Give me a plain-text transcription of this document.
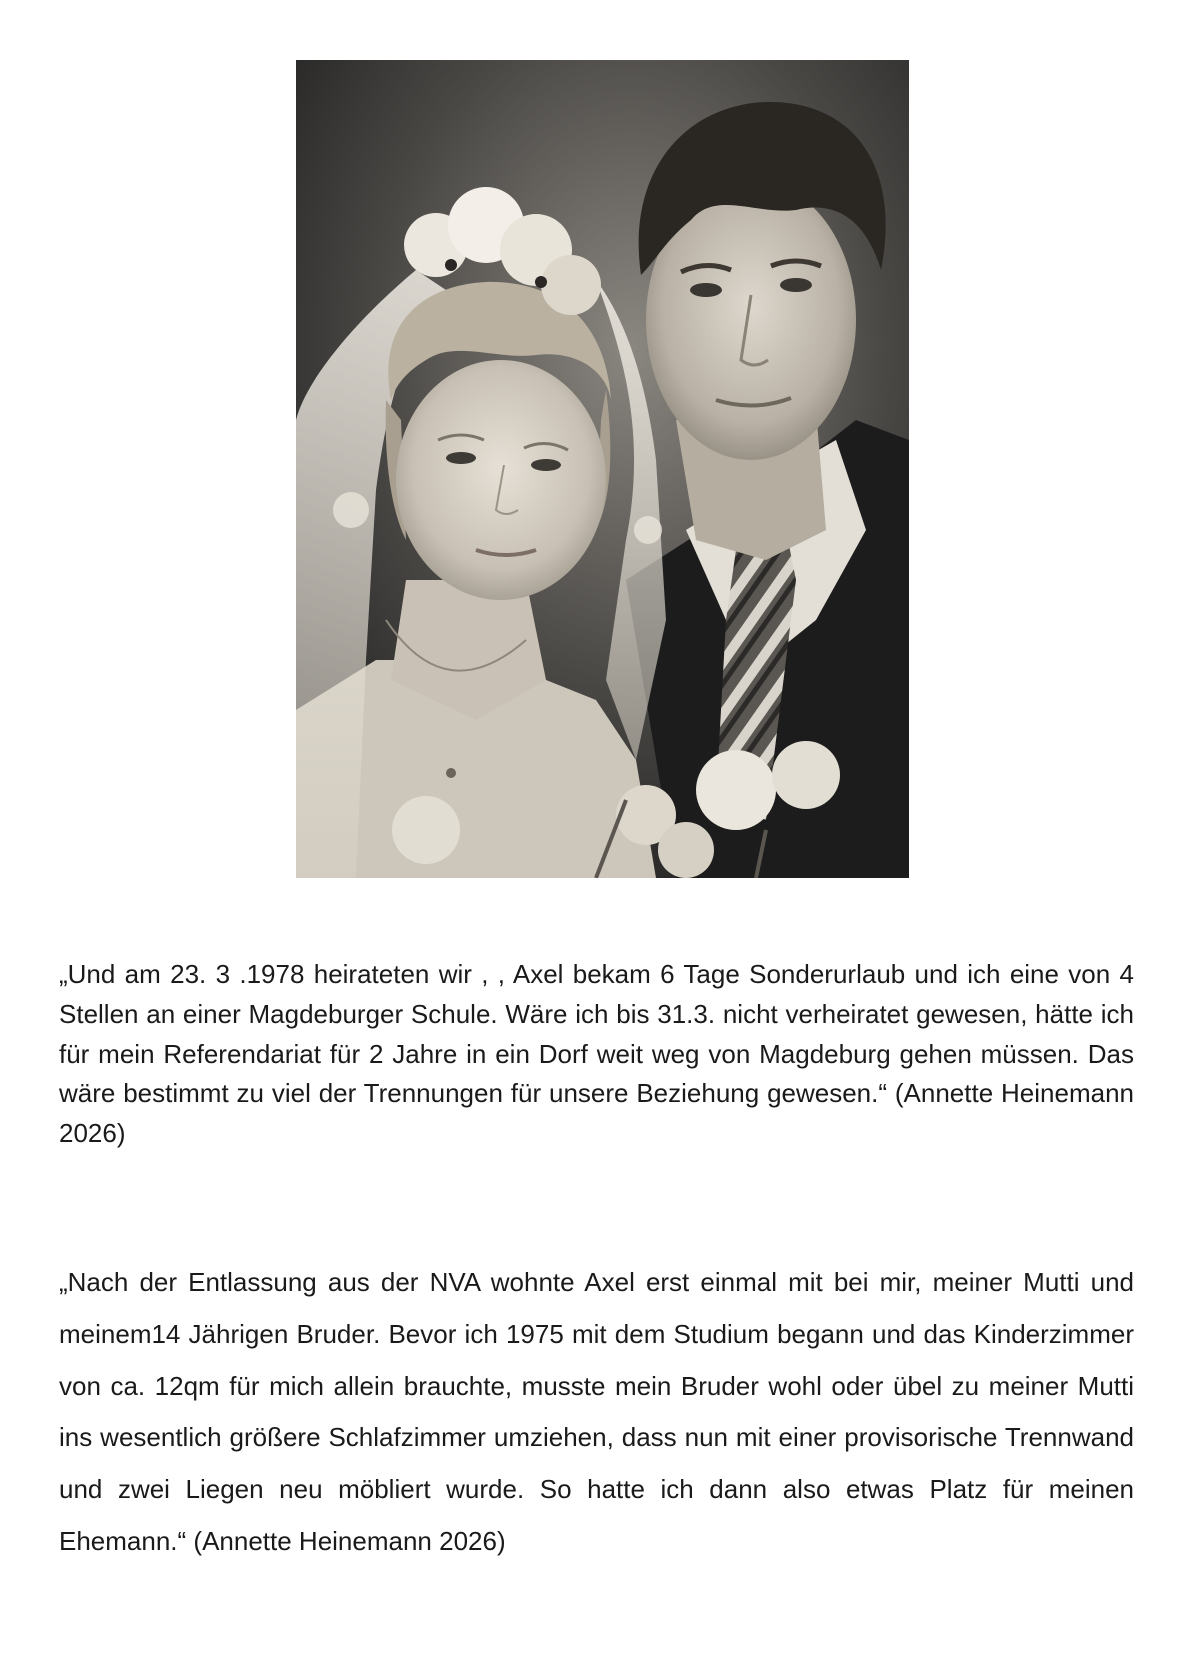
„Und am 23. 3 .1978 heirateten wir , , Axel bekam 6 Tage Sonderurlaub und ich eine von 4 Stellen an einer Magdeburger Schule. Wäre ich bis 31.3. nicht verheiratet gewesen, hätte ich für mein Referendariat für 2 Jahre in ein Dorf weit weg von Magdeburg gehen müssen. Das wäre bestimmt zu viel der Trennungen für unsere Beziehung gewesen.“ (Annette Heinemann 2026)

„Nach der Entlassung aus der NVA wohnte Axel erst einmal mit bei mir, meiner Mutti und meinem14 Jährigen Bruder. Bevor ich 1975 mit dem Studium begann und das Kinderzimmer von ca. 12qm für mich allein brauchte, musste mein Bruder wohl oder übel zu meiner Mutti ins wesentlich größere Schlafzimmer umziehen, dass nun mit einer provisorische Trennwand und zwei Liegen neu möbliert wurde. So hatte ich dann also etwas Platz für meinen Ehemann.“ (Annette Heinemann 2026)
